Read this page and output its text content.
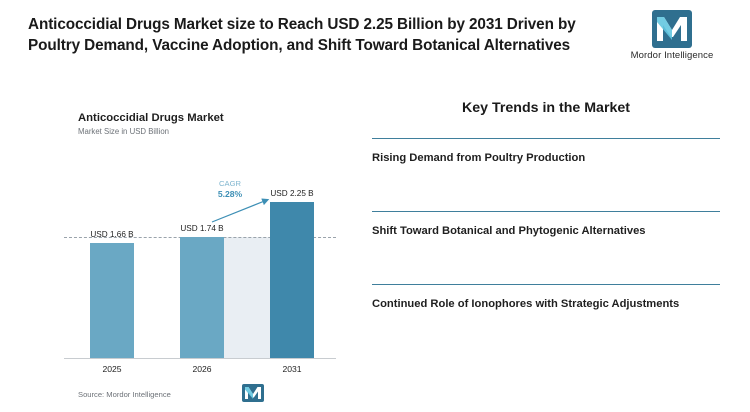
Anticoccidial Drugs Market size to Reach USD 2.25 Billion by 2031 Driven by Poultry Demand, Vaccine Adoption, and Shift Toward Botanical Alternatives
Mordor Intelligence
Anticoccidial Drugs Market
Market Size in USD Billion
USD 1.66 B
USD 1.74 B
USD 2.25 B
CAGR
5.28%
2025	2026	2031
Source: Mordor Intelligence
Key Trends in the Market
Rising Demand from Poultry Production
Shift Toward Botanical and Phytogenic Alternatives
Continued Role of Ionophores with Strategic Adjustments
